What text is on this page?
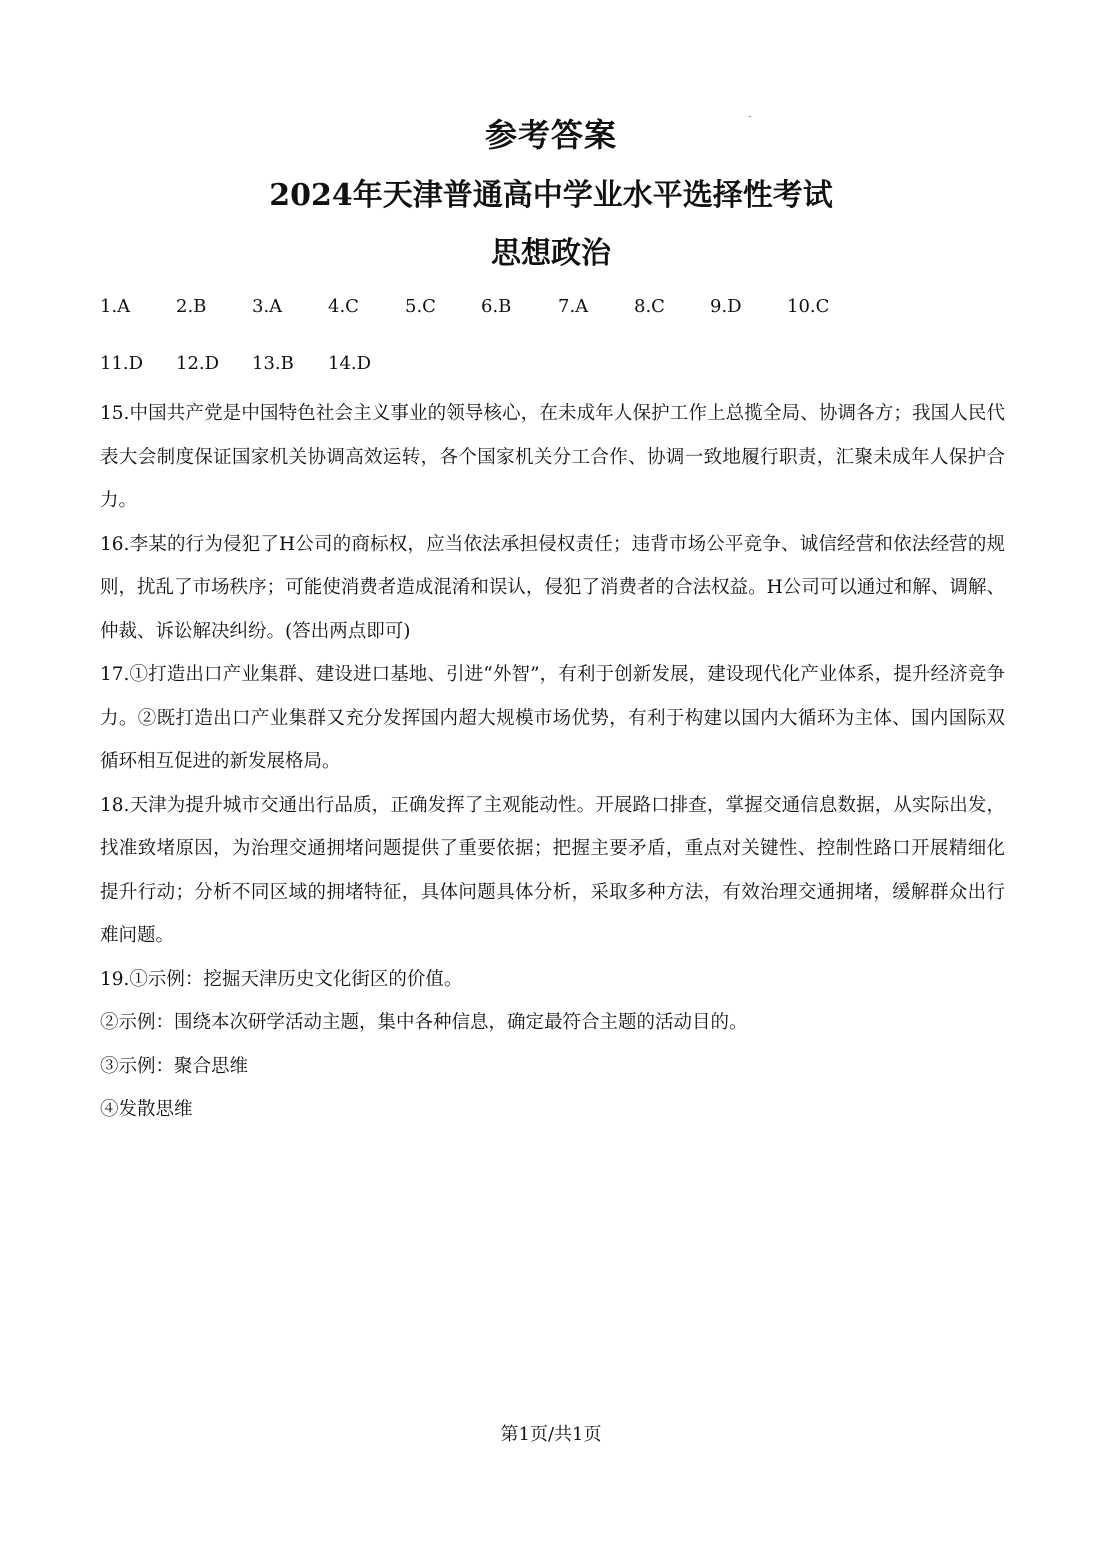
参考答案
2024年天津普通高中学业水平选择性考试
思想政治
1.A	2.B	3.A	4.C	5.C	6.B	7.A	8.C	9.D	10.C
11.D 12.D 13.B 14.D

15.中国共产党是中国特色社会主义事业的领导核心，在未成年人保护工作上总揽全局、协调各方；我国人民代表大会制度保证国家机关协调高效运转，各个国家机关分工合作、协调一致地履行职责，汇聚未成年人保护合力。

16.李某的行为侵犯了H公司的商标权，应当依法承担侵权责任；违背市场公平竞争、诚信经营和依法经营的规则，扰乱了市场秩序；可能使消费者造成混淆和误认，侵犯了消费者的合法权益。H公司可以通过和解、调解、仲裁、诉讼解决纠纷。(答出两点即可)

17.①打造出口产业集群、建设进口基地、引进“外智”，有利于创新发展，建设现代化产业体系，提升经济竞争力。②既打造出口产业集群又充分发挥国内超大规模市场优势，有利于构建以国内大循环为主体、国内国际双循环相互促进的新发展格局。

18.天津为提升城市交通出行品质，正确发挥了主观能动性。开展路口排查，掌握交通信息数据，从实际出发，找准致堵原因，为治理交通拥堵问题提供了重要依据；把握主要矛盾，重点对关键性、控制性路口开展精细化提升行动；分析不同区域的拥堵特征，具体问题具体分析，采取多种方法，有效治理交通拥堵，缓解群众出行难问题。

19.①示例：挖掘天津历史文化街区的价值。

②示例：围绕本次研学活动主题，集中各种信息，确定最符合主题的活动目的。

③示例：聚合思维

④发散思维

第1页/共1页
